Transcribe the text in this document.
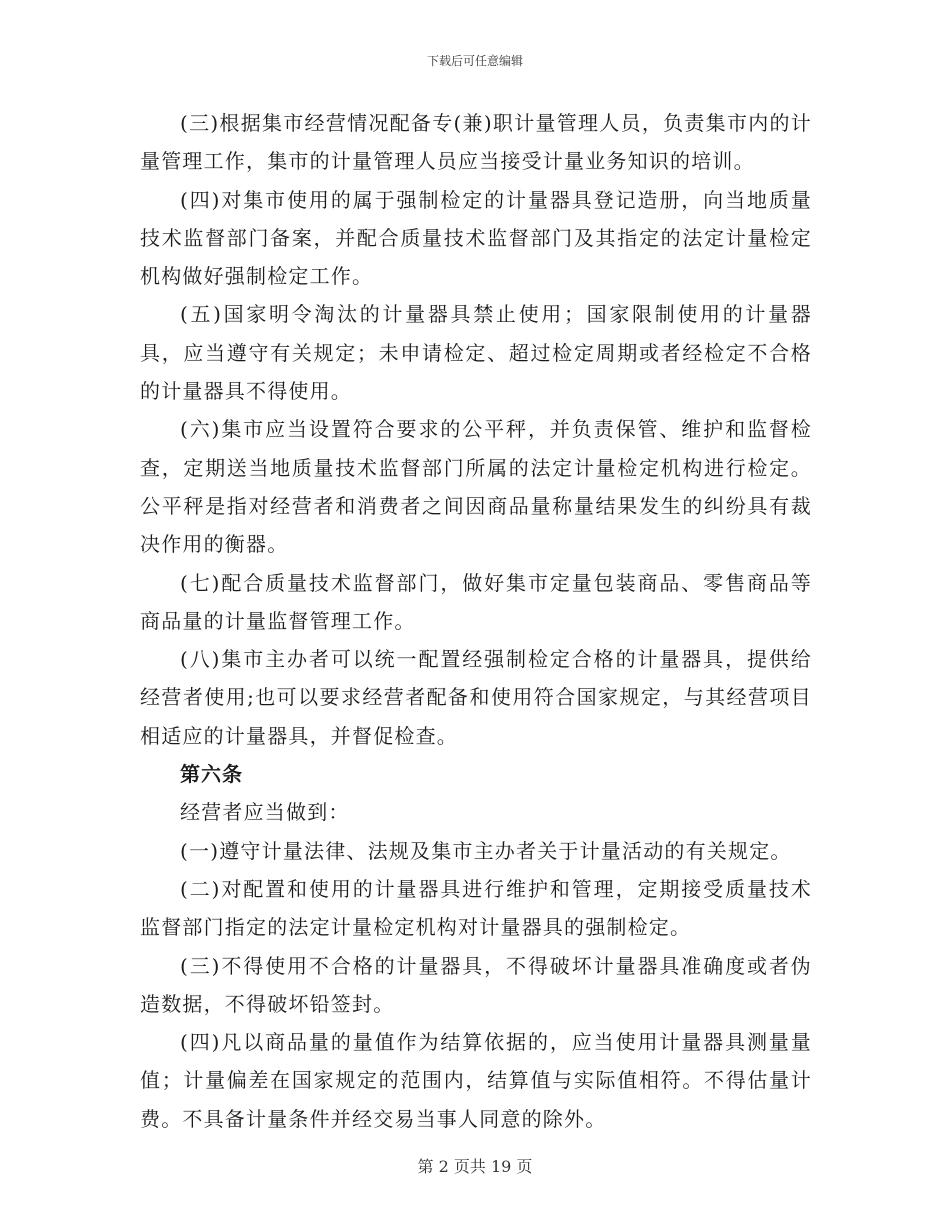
下载后可任意编辑

(三)根据集市经营情况配备专(兼)职计量管理人员，负责集市内的计量管理工作，集市的计量管理人员应当接受计量业务知识的培训。

(四)对集市使用的属于强制检定的计量器具登记造册，向当地质量技术监督部门备案，并配合质量技术监督部门及其指定的法定计量检定机构做好强制检定工作。

(五)国家明令淘汰的计量器具禁止使用；国家限制使用的计量器具，应当遵守有关规定；未申请检定、超过检定周期或者经检定不合格的计量器具不得使用。

(六)集市应当设置符合要求的公平秤，并负责保管、维护和监督检查，定期送当地质量技术监督部门所属的法定计量检定机构进行检定。公平秤是指对经营者和消费者之间因商品量称量结果发生的纠纷具有裁决作用的衡器。

(七)配合质量技术监督部门，做好集市定量包装商品、零售商品等商品量的计量监督管理工作。

(八)集市主办者可以统一配置经强制检定合格的计量器具，提供给经营者使用;也可以要求经营者配备和使用符合国家规定，与其经营项目相适应的计量器具，并督促检查。

第六条

经营者应当做到：

(一)遵守计量法律、法规及集市主办者关于计量活动的有关规定。

(二)对配置和使用的计量器具进行维护和管理，定期接受质量技术监督部门指定的法定计量检定机构对计量器具的强制检定。

(三)不得使用不合格的计量器具，不得破坏计量器具准确度或者伪造数据，不得破坏铅签封。

(四)凡以商品量的量值作为结算依据的，应当使用计量器具测量量值；计量偏差在国家规定的范围内，结算值与实际值相符。不得估量计费。不具备计量条件并经交易当事人同意的除外。

第 2 页共 19 页
